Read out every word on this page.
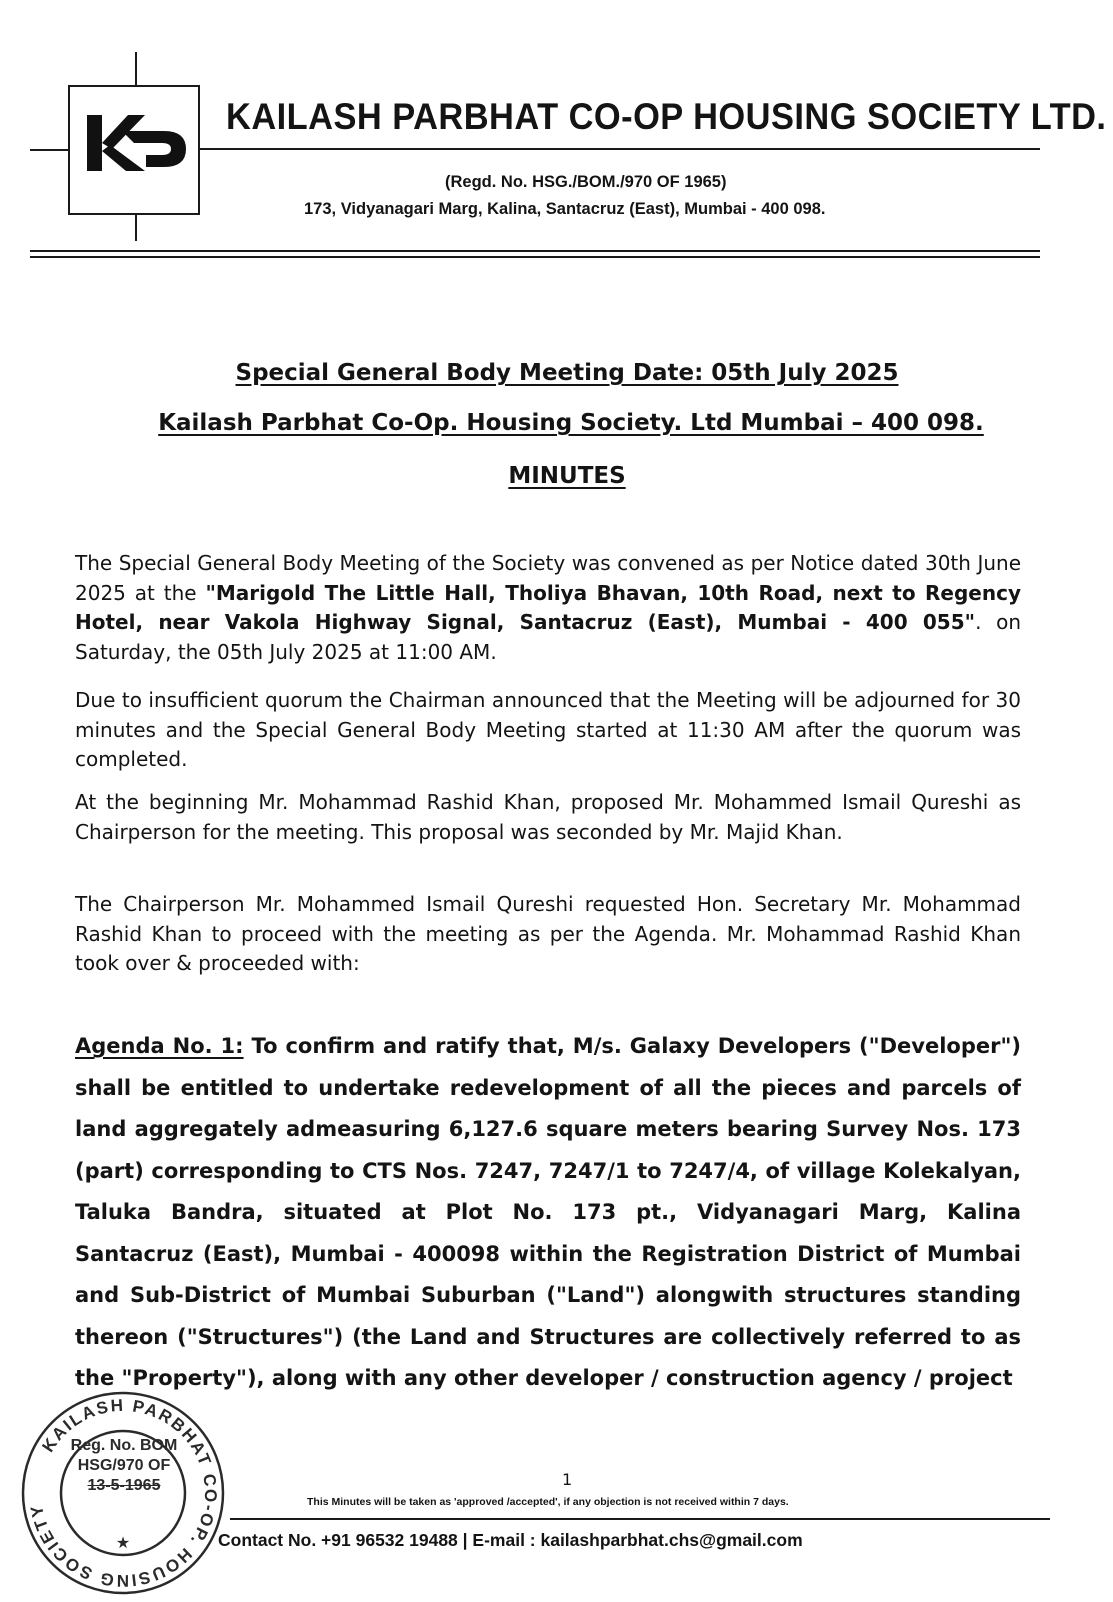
KAILASH PARBHAT CO-OP HOUSING SOCIETY LTD.
(Regd. No. HSG./BOM./970 OF 1965)
173, Vidyanagari Marg, Kalina, Santacruz (East), Mumbai - 400 098.
Special General Body Meeting Date: 05th July 2025
Kailash Parbhat Co-Op. Housing Society. Ltd Mumbai – 400 098.
MINUTES
The Special General Body Meeting of the Society was convened as per Notice dated 30th June 2025 at the "Marigold The Little Hall, Tholiya Bhavan, 10th Road, next to Regency Hotel, near Vakola Highway Signal, Santacruz (East), Mumbai - 400 055". on Saturday, the 05th July 2025 at 11:00 AM.
Due to insufficient quorum the Chairman announced that the Meeting will be adjourned for 30 minutes and the Special General Body Meeting started at 11:30 AM after the quorum was completed.
At the beginning Mr. Mohammad Rashid Khan, proposed Mr. Mohammed Ismail Qureshi as Chairperson for the meeting. This proposal was seconded by Mr. Majid Khan.
The Chairperson Mr. Mohammed Ismail Qureshi requested Hon. Secretary Mr. Mohammad Rashid Khan to proceed with the meeting as per the Agenda. Mr. Mohammad Rashid Khan took over & proceeded with:
Agenda No. 1: To confirm and ratify that, M/s. Galaxy Developers ("Developer") shall be entitled to undertake redevelopment of all the pieces and parcels of land aggregately admeasuring 6,127.6 square meters bearing Survey Nos. 173 (part) corresponding to CTS Nos. 7247, 7247/1 to 7247/4, of village Kolekalyan, Taluka Bandra, situated at Plot No. 173 pt., Vidyanagari Marg, Kalina Santacruz (East), Mumbai - 400098 within the Registration District of Mumbai and Sub-District of Mumbai Suburban ("Land") alongwith structures standing thereon ("Structures") (the Land and Structures are collectively referred to as the "Property"), along with any other developer / construction agency / project
1
This Minutes will be taken as 'approved /accepted', if any objection is not received within 7 days.
Contact No. +91 96532 19488 | E-mail : kailashparbhat.chs@gmail.com
KAILASH PARBHAT CO-OP. HOUSING SOCIETY
★
Reg. No. BOM
HSG/970 OF
13-5-1965
